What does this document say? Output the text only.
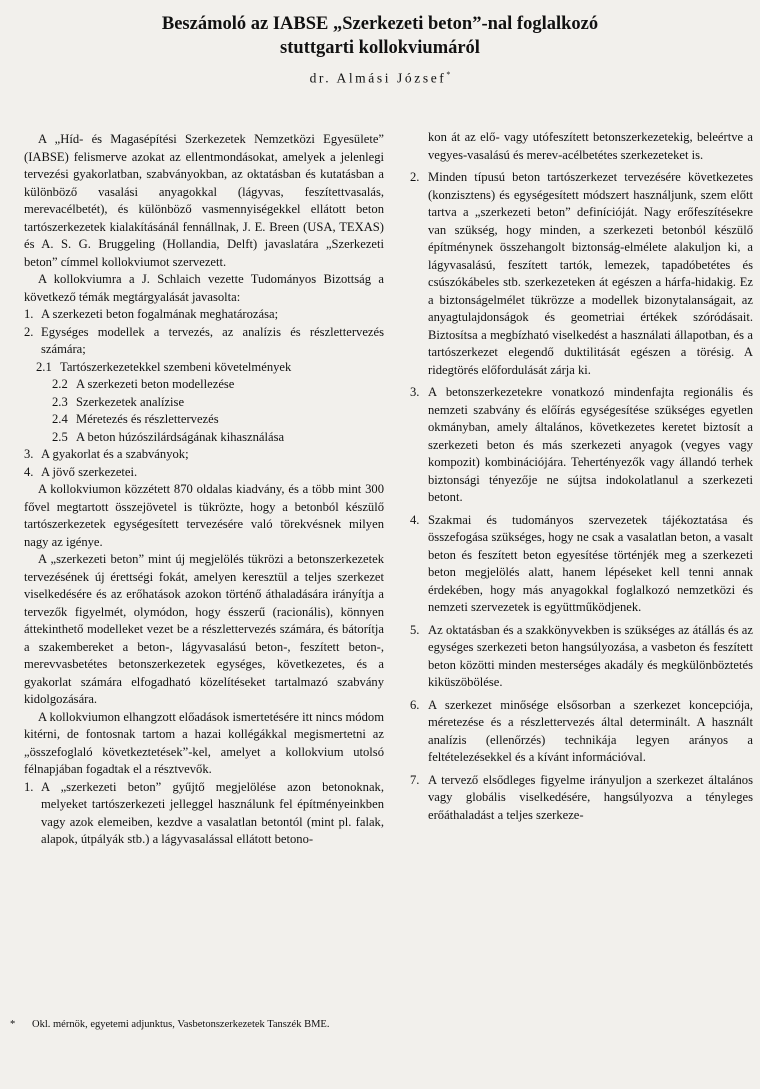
Beszámoló az IABSE „Szerkezeti beton”-nal foglalkozó
stuttgarti kollokviumáról
dr. Almási József*

A „Híd- és Magasépítési Szerkezetek Nemzetközi Egyesülete” (IABSE) felismerve azokat az ellentmondásokat, amelyek a jelenlegi tervezési gyakorlatban, szabványokban, az oktatásban és kutatásban a különböző vasalási anyagokkal (lágyvas, feszítettvasalás, merevacélbetét), és különböző vasmennyiségekkel ellátott beton tartószerkezetek kialakításánál fennállnak, J. E. Breen (USA, TEXAS) és A. S. G. Bruggeling (Hollandia, Delft) javaslatára „Szerkezeti beton” címmel kollokviumot szervezett.

A kollokviumra a J. Schlaich vezette Tudományos Bizottság a következő témák megtárgyalását javasolta:

1. A szerkezeti beton fogalmának meghatározása;
2. Egységes modellek a tervezés, az analízis és részlettervezés számára;
2.1 Tartószerkezetekkel szembeni követelmények
2.2 A szerkezeti beton modellezése
2.3 Szerkezetek analízise
2.4 Méretezés és részlettervezés
2.5 A beton húzószilárdságának kihasználása
3. A gyakorlat és a szabványok;
4. A jövő szerkezetei.

A kollokviumon közzétett 870 oldalas kiadvány, és a több mint 300 fővel megtartott összejövetel is tükrözte, hogy a betonból készülő tartószerkezetek egységesített tervezésére való törekvésnek milyen nagy az igénye.

A „szerkezeti beton” mint új megjelölés tükrözi a betonszerkezetek tervezésének új érettségi fokát, amelyen keresztül a teljes szerkezet viselkedésére és az erőhatások azokon történő áthaladására irányítja a tervezők figyelmét, olymódon, hogy ésszerű (racionális), könnyen áttekinthető modelleket vezet be a részlettervezés számára, és bátorítja a szakembereket a beton-, lágyvasalású beton-, feszített beton-, merevvasbetétes betonszerkezetek egységes, következetes, és a gyakorlat számára elfogadható közelítéseket tartalmazó szabvány kidolgozására.

A kollokviumon elhangzott előadások ismertetésére itt nincs módom kitérni, de fontosnak tartom a hazai kollégákkal megismertetni az „összefoglaló következtetések”-kel, amelyet a kollokvium utolsó félnapjában fogadtak el a résztvevők.

1. A „szerkezeti beton” gyűjtő megjelölése azon betonoknak, melyeket tartószerkezeti jelleggel használunk fel építményeinkben vagy azok elemeiben, kezdve a vasalatlan betontól (mint pl. falak, alapok, útpályák stb.) a lágyvasalással ellátott betono-

kon át az elő- vagy utófeszített betonszerkezetekig, beleértve a vegyes-vasalású és merev-acélbetétes szerkezeteket is.

2. Minden típusú beton tartószerkezet tervezésére következetes (konzisztens) és egységesített módszert használjunk, szem előtt tartva a „szerkezeti beton” definícióját. Nagy erőfeszítésekre van szükség, hogy minden, a szerkezeti betonból készülő építménynek összehangolt biztonság-elmélete alakuljon ki, a lágyvasalású, feszített tartók, lemezek, tapadóbetétes és csúszókábeles stb. szerkezeteken át egészen a hárfa-hidakig. Ez a biztonságelmélet tükrözze a modellek bizonytalanságait, az anyagtulajdonságok és geometriai értékek szóródásait. Biztosítsa a megbízható viselkedést a használati állapotban, és a tartószerkezet elegendő duktilitását egészen a törésig. A ridegtörés előfordulását zárja ki.
3. A betonszerkezetekre vonatkozó mindenfajta regionális és nemzeti szabvány és előírás egységesítése szükséges egyetlen okmányban, amely általános, következetes keretet biztosít a szerkezeti beton és más szerkezeti anyagok (vegyes vagy kompozit) kombinációjára. Tehertényezők vagy állandó terhek biztonsági tényezője ne sújtsa indokolatlanul a szerkezeti betont.
4. Szakmai és tudományos szervezetek tájékoztatása és összefogása szükséges, hogy ne csak a vasalatlan beton, a vasalt beton és feszített beton egyesítése történjék meg a szerkezeti beton megjelölés alatt, hanem lépéseket kell tenni annak érdekében, hogy más anyagokkal foglalkozó nemzetközi és nemzeti szervezetek is együttműködjenek.
5. Az oktatásban és a szakkönyvekben is szükséges az átállás és az egységes szerkezeti beton hangsúlyozása, a vasbeton és feszített beton közötti minden mesterséges akadály és megkülönböztetés kiküszöbölése.
6. A szerkezet minősége elsősorban a szerkezet koncepciója, méretezése és a részlettervezés által determinált. A használt analízis (ellenőrzés) technikája legyen arányos a feltételezésekkel és a kívánt információval.
7. A tervező elsődleges figyelme irányuljon a szerkezet általános vagy globális viselkedésére, hangsúlyozva a tényleges erőáthaladást a teljes szerkeze-
* Okl. mérnök, egyetemi adjunktus, Vasbetonszerkezetek Tanszék BME.
